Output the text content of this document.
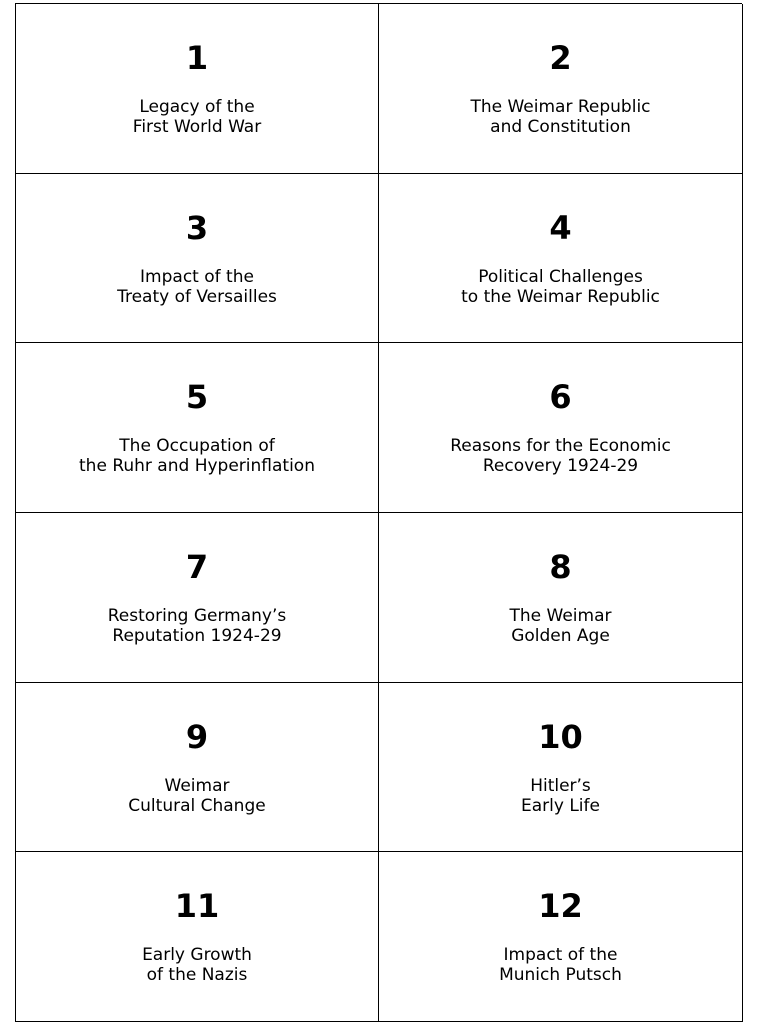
1
Legacy of the
First World War
2
The Weimar Republic
and Constitution
3
Impact of the
Treaty of Versailles
4
Political Challenges
to the Weimar Republic
5
The Occupation of
the Ruhr and Hyperinflation
6
Reasons for the Economic
Recovery 1924-29
7
Restoring Germany’s
Reputation 1924-29
8
The Weimar
Golden Age
9
Weimar
Cultural Change
10
Hitler’s
Early Life
11
Early Growth
of the Nazis
12
Impact of the
Munich Putsch
